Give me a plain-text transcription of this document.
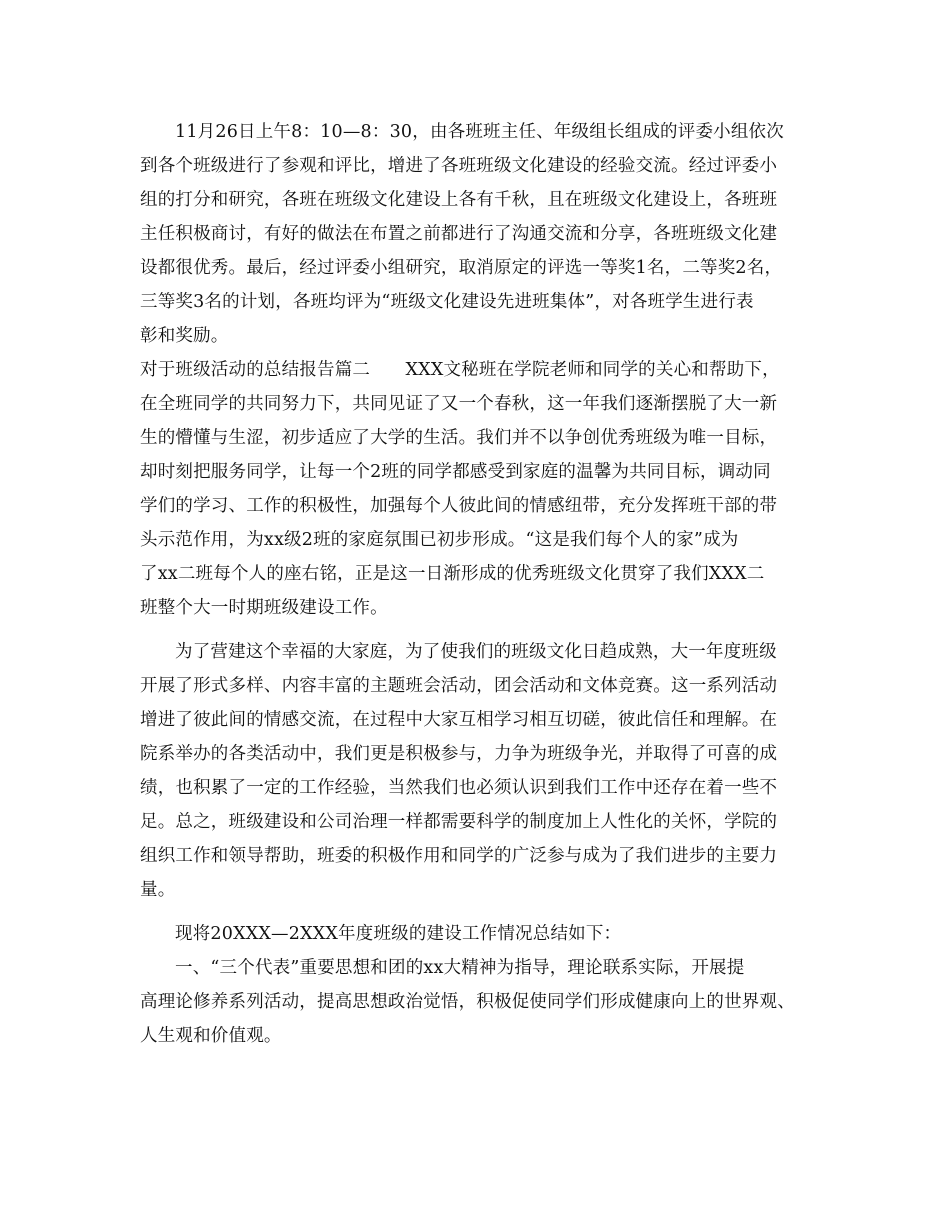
11月26日上午8：10—8：30，由各班班主任、年级组长组成的评委小组依次
到各个班级进行了参观和评比，增进了各班班级文化建设的经验交流。经过评委小
组的打分和研究，各班在班级文化建设上各有千秋，且在班级文化建设上，各班班
主任积极商讨，有好的做法在布置之前都进行了沟通交流和分享，各班班级文化建
设都很优秀。最后，经过评委小组研究，取消原定的评选一等奖1名，二等奖2名，
三等奖3名的计划，各班均评为“班级文化建设先进班集体”，对各班学生进行表
彰和奖励。
对于班级活动的总结报告篇二　　XXX文秘班在学院老师和同学的关心和帮助下，
在全班同学的共同努力下，共同见证了又一个春秋，这一年我们逐渐摆脱了大一新
生的懵懂与生涩，初步适应了大学的生活。我们并不以争创优秀班级为唯一目标，
却时刻把服务同学，让每一个2班的同学都感受到家庭的温馨为共同目标，调动同
学们的学习、工作的积极性，加强每个人彼此间的情感纽带，充分发挥班干部的带
头示范作用，为xx级2班的家庭氛围已初步形成。“这是我们每个人的家”成为
了xx二班每个人的座右铭，正是这一日渐形成的优秀班级文化贯穿了我们XXX二
班整个大一时期班级建设工作。
为了营建这个幸福的大家庭，为了使我们的班级文化日趋成熟，大一年度班级
开展了形式多样、内容丰富的主题班会活动，团会活动和文体竞赛。这一系列活动
增进了彼此间的情感交流，在过程中大家互相学习相互切磋，彼此信任和理解。在
院系举办的各类活动中，我们更是积极参与，力争为班级争光，并取得了可喜的成
绩，也积累了一定的工作经验，当然我们也必须认识到我们工作中还存在着一些不
足。总之，班级建设和公司治理一样都需要科学的制度加上人性化的关怀，学院的
组织工作和领导帮助，班委的积极作用和同学的广泛参与成为了我们进步的主要力
量。
现将20XXX—2XXX年度班级的建设工作情况总结如下：
一、“三个代表”重要思想和团的xx大精神为指导，理论联系实际，开展提
高理论修养系列活动，提高思想政治觉悟，积极促使同学们形成健康向上的世界观、
人生观和价值观。
